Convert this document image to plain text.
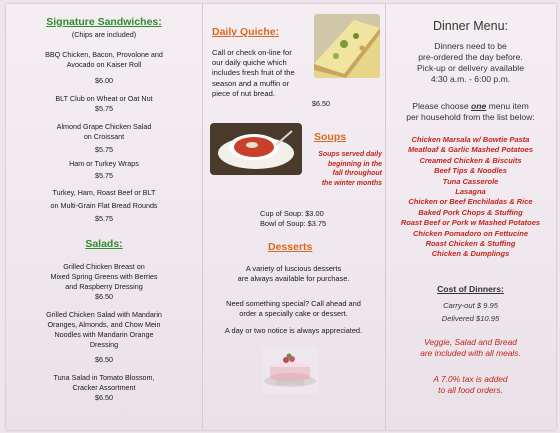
Signature Sandwiches:
(Chips are included)
BBQ Chicken, Bacon, Provolone and
Avocado on Kaiser Roll
$6.00
BLT Club on Wheat or Oat Nut
$5.75
Almond Grape Chicken Salad
on Croissant
$5.75
Ham or Turkey Wraps
$5.75
Turkey, Ham, Roast Beef or BLT
on Multi-Grain Flat Bread Rounds
$5.75
Salads:
Grilled Chicken Breast on
Mixed Spring Greens with Berries
and Raspberry Dressing
$6.50
Grilled Chicken Salad with Mandarin
Oranges, Almonds, and Chow Mein
Noodles with Mandarin Orange
Dressing
$6.50
Tuna Salad in Tomato Blossom,
Cracker Assortment
$6.50
Daily Quiche:
Call or check on-line for
our daily quiche which
includes fresh fruit of the
season and a muffin or
piece of nut bread.
$6.50
Soups
Soups served daily
beginning in the
fall throughout
the winter months
Cup of Soup: $3.00
Bowl of Soup: $3.75
Desserts
A variety of luscious desserts
are always available for purchase.
Need something special? Call ahead and
order a specially cake or dessert.
A day or two notice is always appreciated.
Dinner Menu:
Dinners need to be
pre-ordered the day before.
Pick-up or delivery available
4:30 a.m. - 6:00 p.m.
Please choose one menu item
per household from the list below:
Chicken Marsala w/ Bowtie Pasta
Meatloaf & Garlic Mashed Potatoes
Creamed Chicken & Biscuits
Beef Tips & Noodles
Tuna Casserole
Lasagna
Chicken or Beef Enchiladas & Rice
Baked Pork Chops & Stuffing
Roast Beef or Pork w Mashed Potatoes
Chicken Pomadoro on Fettucine
Roast Chicken & Stuffing
Chicken & Dumplings
Cost of Dinners:
Carry-out $ 9.95
Delivered $10.95
Veggie, Salad and Bread
are included with all meals.
A 7.0% tax is added
to all food orders.
